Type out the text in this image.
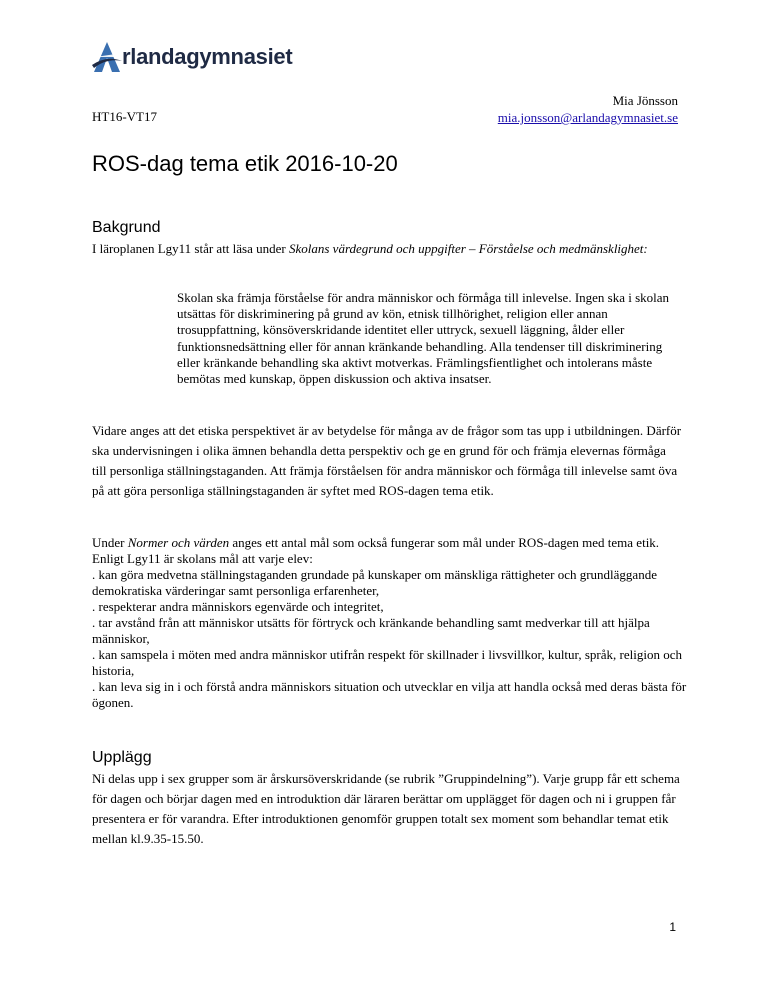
rlandagymnasiet
HT16-VT17
Mia Jönsson
mia.jonsson@arlandagymnasiet.se
ROS-dag tema etik 2016-10-20
Bakgrund
I läroplanen Lgy11 står att läsa under Skolans värdegrund och uppgifter – Förståelse och medmänsklighet:
Skolan ska främja förståelse för andra människor och förmåga till inlevelse. Ingen ska i skolan utsättas för diskriminering på grund av kön, etnisk tillhörighet, religion eller annan trosuppfattning, könsöverskridande identitet eller uttryck, sexuell läggning, ålder eller funktionsnedsättning eller för annan kränkande behandling. Alla tendenser till diskriminering eller kränkande behandling ska aktivt motverkas. Främlingsfientlighet och intolerans måste bemötas med kunskap, öppen diskussion och aktiva insatser.
Vidare anges att det etiska perspektivet är av betydelse för många av de frågor som tas upp i utbildningen. Därför ska undervisningen i olika ämnen behandla detta perspektiv och ge en grund för och främja elevernas förmåga till personliga ställningstaganden. Att främja förståelsen för andra människor och förmåga till inlevelse samt öva på att göra personliga ställningstaganden är syftet med ROS-dagen tema etik.
Under Normer och värden anges ett antal mål som också fungerar som mål under ROS-dagen med tema etik. Enligt Lgy11 är skolans mål att varje elev:
. kan göra medvetna ställningstaganden grundade på kunskaper om mänskliga rättigheter och grundläggande demokratiska värderingar samt personliga erfarenheter,
. respekterar andra människors egenvärde och integritet,
. tar avstånd från att människor utsätts för förtryck och kränkande behandling samt medverkar till att hjälpa människor,
. kan samspela i möten med andra människor utifrån respekt för skillnader i livsvillkor, kultur, språk, religion och historia,
. kan leva sig in i och förstå andra människors situation och utvecklar en vilja att handla också med deras bästa för ögonen.
Upplägg
Ni delas upp i sex grupper som är årskursöverskridande (se rubrik ”Gruppindelning”). Varje grupp får ett schema för dagen och börjar dagen med en introduktion där läraren berättar om upplägget för dagen och ni i gruppen får presentera er för varandra. Efter introduktionen genomför gruppen totalt sex moment som behandlar temat etik mellan kl.9.35-15.50.
1
